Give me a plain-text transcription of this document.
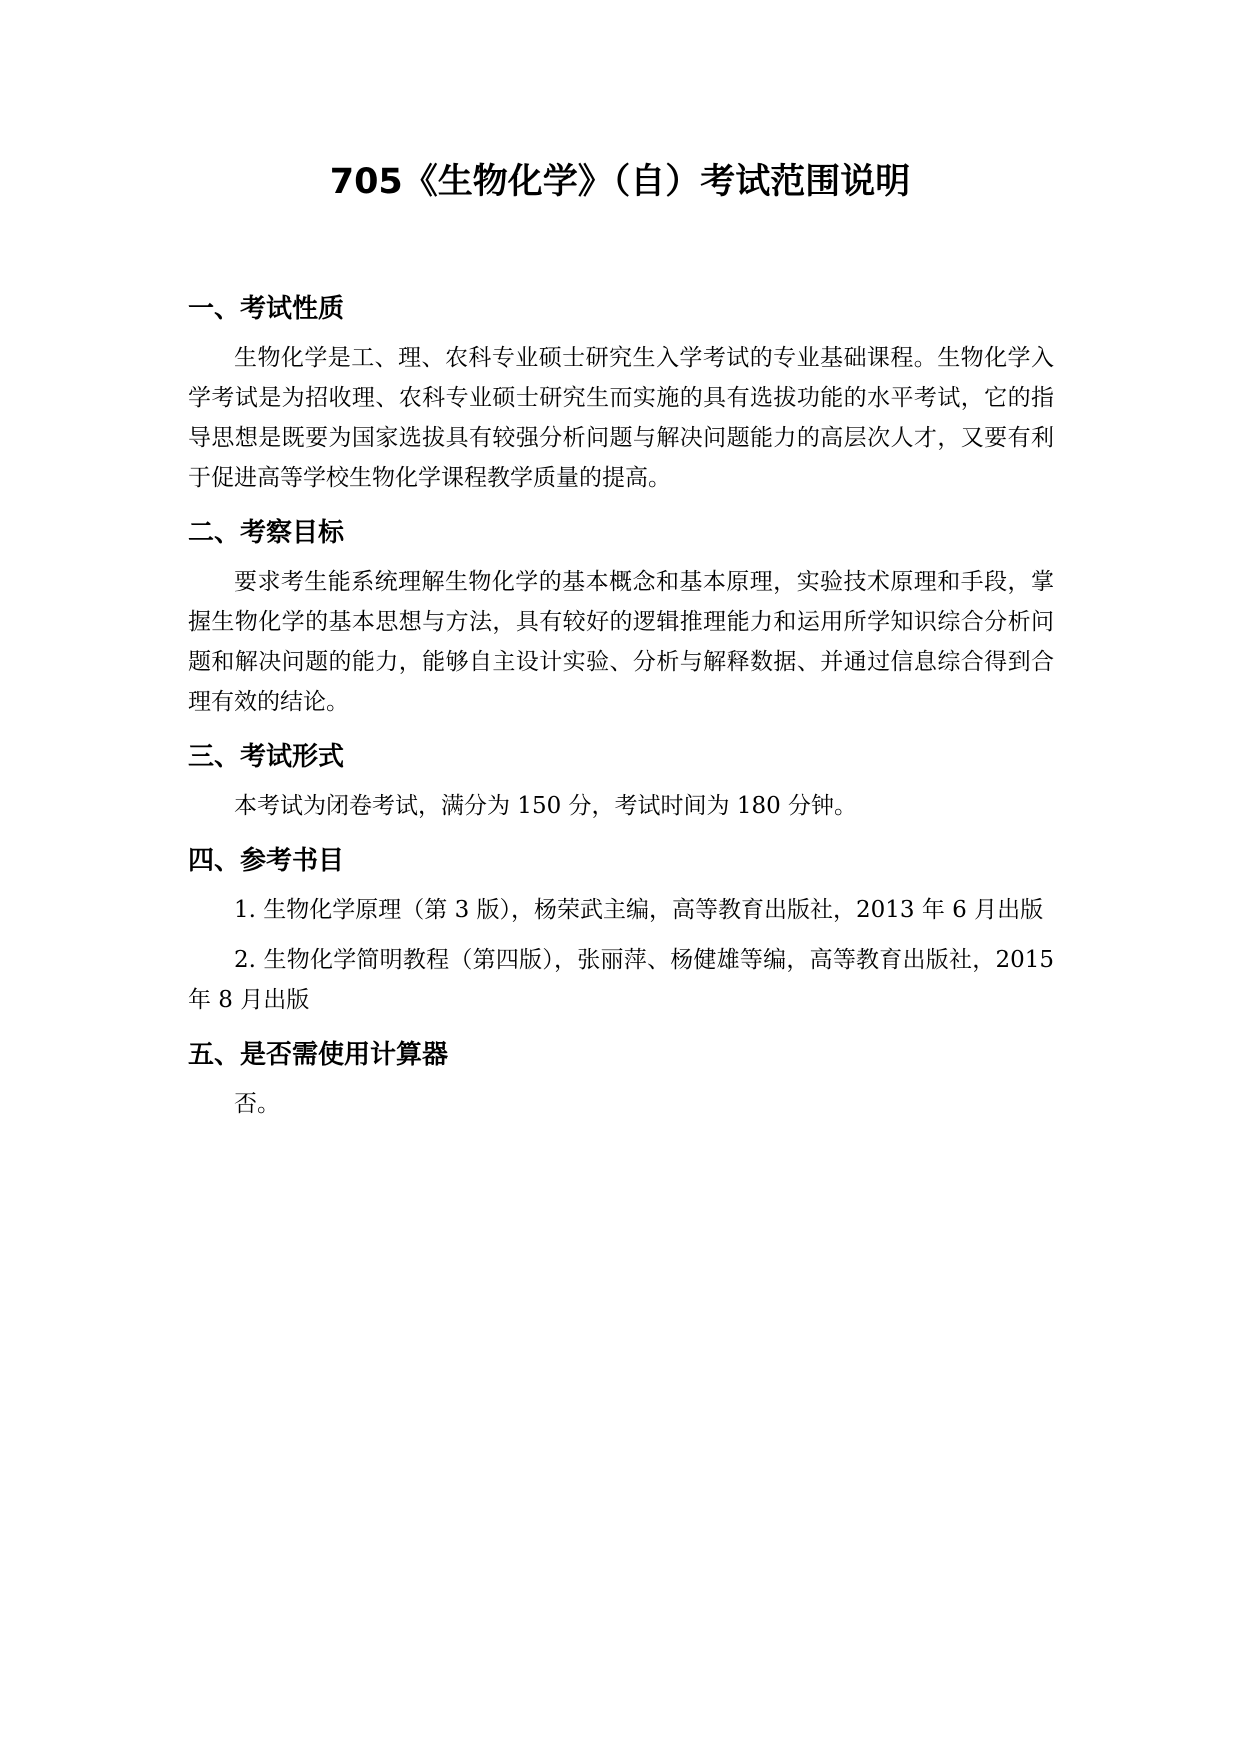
705《生物化学》（自）考试范围说明
一、考试性质

生物化学是工、理、农科专业硕士研究生入学考试的专业基础课程。生物化学入学考试是为招收理、农科专业硕士研究生而实施的具有选拔功能的水平考试，它的指导思想是既要为国家选拔具有较强分析问题与解决问题能力的高层次人才，又要有利于促进高等学校生物化学课程教学质量的提高。

二、考察目标

要求考生能系统理解生物化学的基本概念和基本原理，实验技术原理和手段，掌握生物化学的基本思想与方法，具有较好的逻辑推理能力和运用所学知识综合分析问题和解决问题的能力，能够自主设计实验、分析与解释数据、并通过信息综合得到合理有效的结论。

三、考试形式

本考试为闭卷考试，满分为 150 分，考试时间为 180 分钟。

四、参考书目

1. 生物化学原理（第 3 版），杨荣武主编，高等教育出版社，2013 年 6 月出版

2. 生物化学简明教程（第四版），张丽萍、杨健雄等编，高等教育出版社，2015 年 8 月出版

五、是否需使用计算器

否。
